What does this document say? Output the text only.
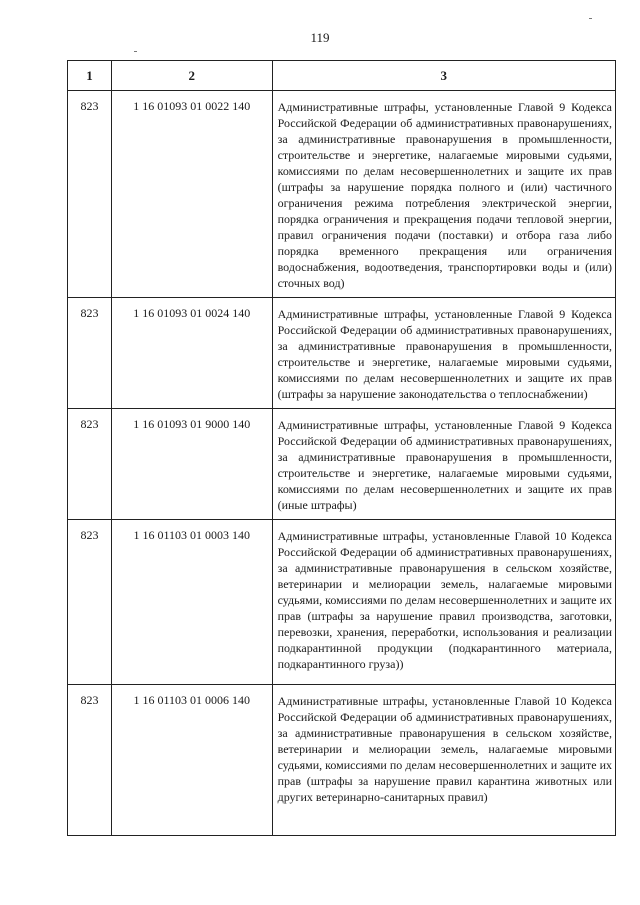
119
1	2	3
823	1 16 01093 01 0022 140	Административные штрафы, установленные Главой 9 Кодекса Российской Федерации об административных правонарушениях, за административные правонарушения в промышленности, строительстве и энергетике, налагаемые мировыми судьями, комиссиями по делам несовершеннолетних и защите их прав (штрафы за нарушение порядка полного и (или) частичного ограничения режима потребления электрической энергии, порядка ограничения и прекращения подачи тепловой энергии, правил ограничения подачи (поставки) и отбора газа либо порядка временного прекращения или ограничения водоснабжения, водоотведения, транспортировки воды и (или) сточных вод)
823	1 16 01093 01 0024 140	Административные штрафы, установленные Главой 9 Кодекса Российской Федерации об административных правонарушениях, за административные правонарушения в промышленности, строительстве и энергетике, налагаемые мировыми судьями, комиссиями по делам несовершеннолетних и защите их прав (штрафы за нарушение законодательства о теплоснабжении)
823	1 16 01093 01 9000 140	Административные штрафы, установленные Главой 9 Кодекса Российской Федерации об административных правонарушениях, за административные правонарушения в промышленности, строительстве и энергетике, налагаемые мировыми судьями, комиссиями по делам несовершеннолетних и защите их прав (иные штрафы)
823	1 16 01103 01 0003 140	Административные штрафы, установленные Главой 10 Кодекса Российской Федерации об административных правонарушениях, за административные правонарушения в сельском хозяйстве, ветеринарии и мелиорации земель, налагаемые мировыми судьями, комиссиями по делам несовершеннолетних и защите их прав (штрафы за нарушение правил производства, заготовки, перевозки, хранения, переработки, использования и реализации подкарантинной продукции (подкарантинного материала, подкарантинного груза))
823	1 16 01103 01 0006 140	Административные штрафы, установленные Главой 10 Кодекса Российской Федерации об административных правонарушениях, за административные правонарушения в сельском хозяйстве, ветеринарии и мелиорации земель, налагаемые мировыми судьями, комиссиями по делам несовершеннолетних и защите их прав (штрафы за нарушение правил карантина животных или других ветеринарно-санитарных правил)
